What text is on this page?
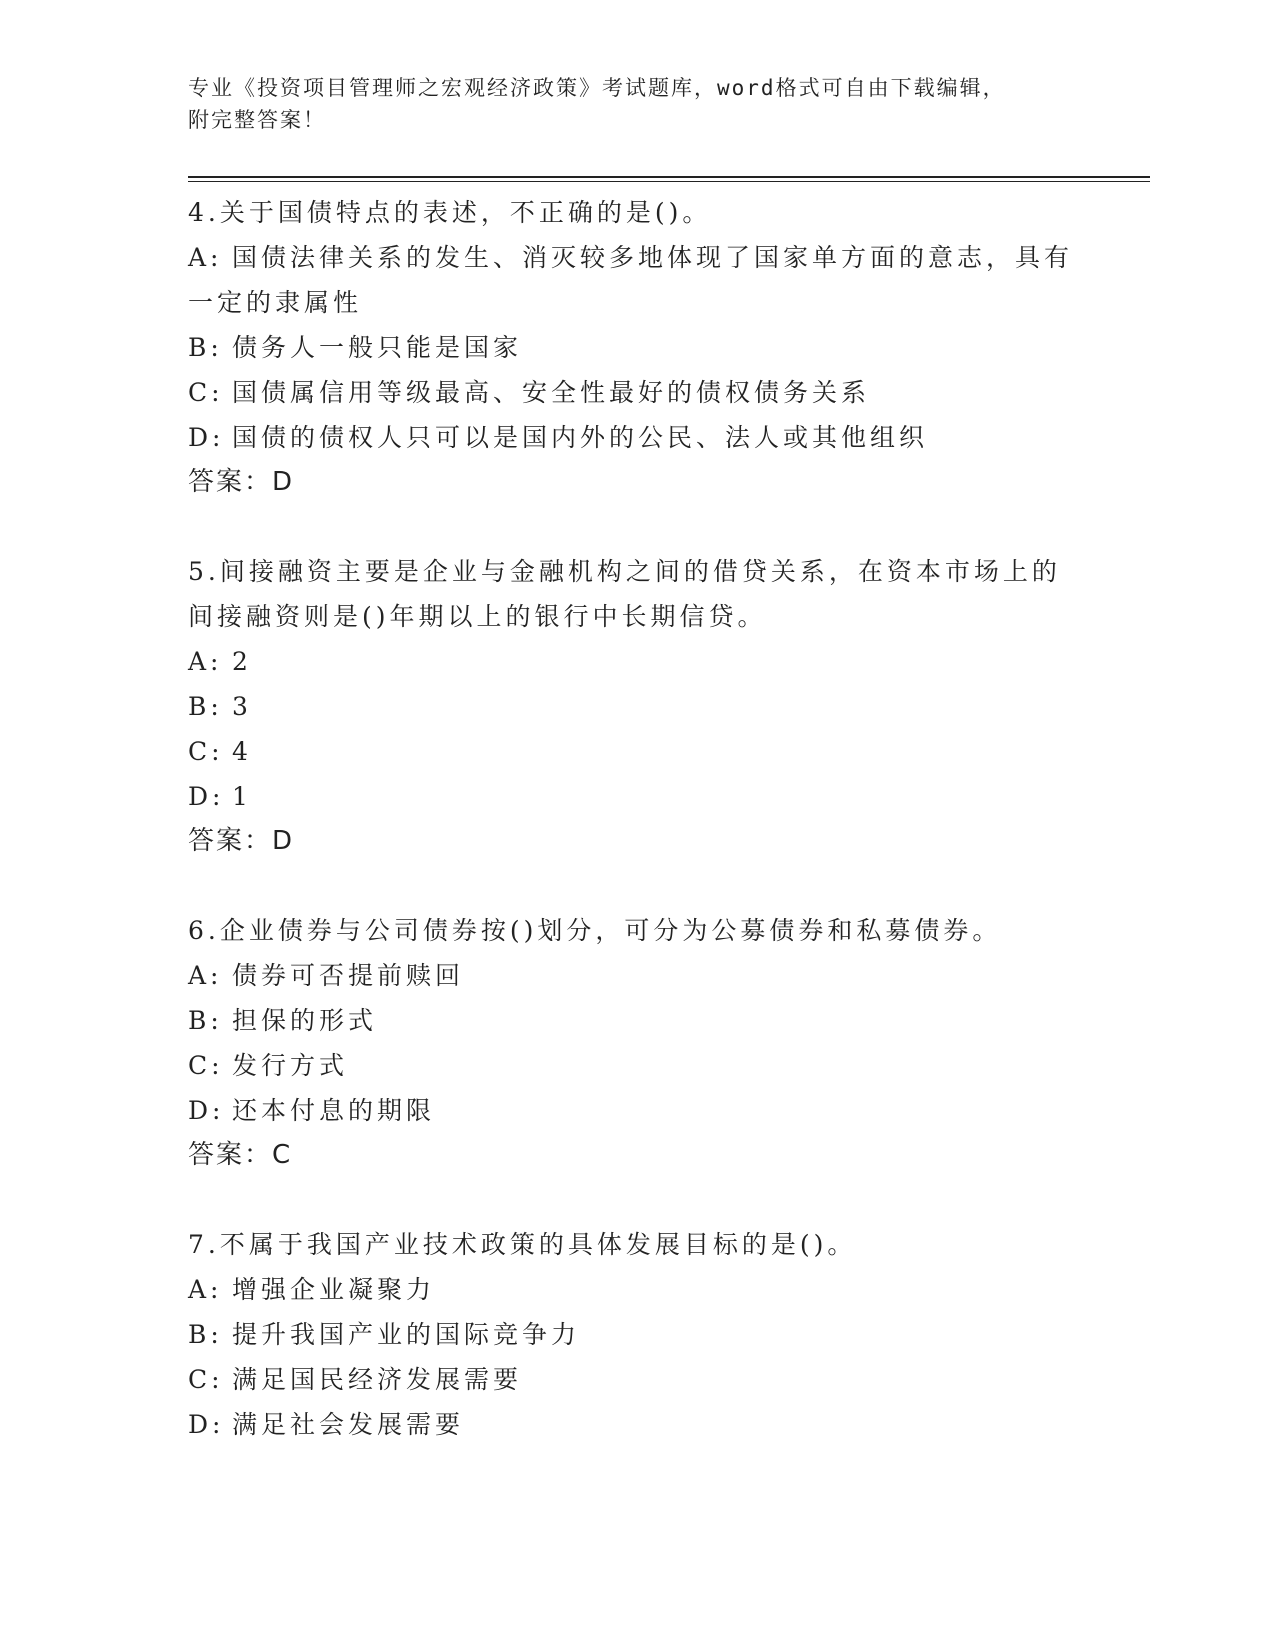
专业《投资项目管理师之宏观经济政策》考试题库，word格式可自由下载编辑，
附完整答案！
4.关于国债特点的表述，不正确的是()。
A: 国债法律关系的发生、消灭较多地体现了国家单方面的意志，具有
一定的隶属性
B: 债务人一般只能是国家
C: 国债属信用等级最高、安全性最好的债权债务关系
D: 国债的债权人只可以是国内外的公民、法人或其他组织
答案：D
5.间接融资主要是企业与金融机构之间的借贷关系，在资本市场上的
间接融资则是()年期以上的银行中长期信贷。
A: 2
B: 3
C: 4
D: 1
答案：D
6.企业债券与公司债券按()划分，可分为公募债券和私募债券。
A: 债券可否提前赎回
B: 担保的形式
C: 发行方式
D: 还本付息的期限
答案：C
7.不属于我国产业技术政策的具体发展目标的是()。
A: 增强企业凝聚力
B: 提升我国产业的国际竞争力
C: 满足国民经济发展需要
D: 满足社会发展需要
